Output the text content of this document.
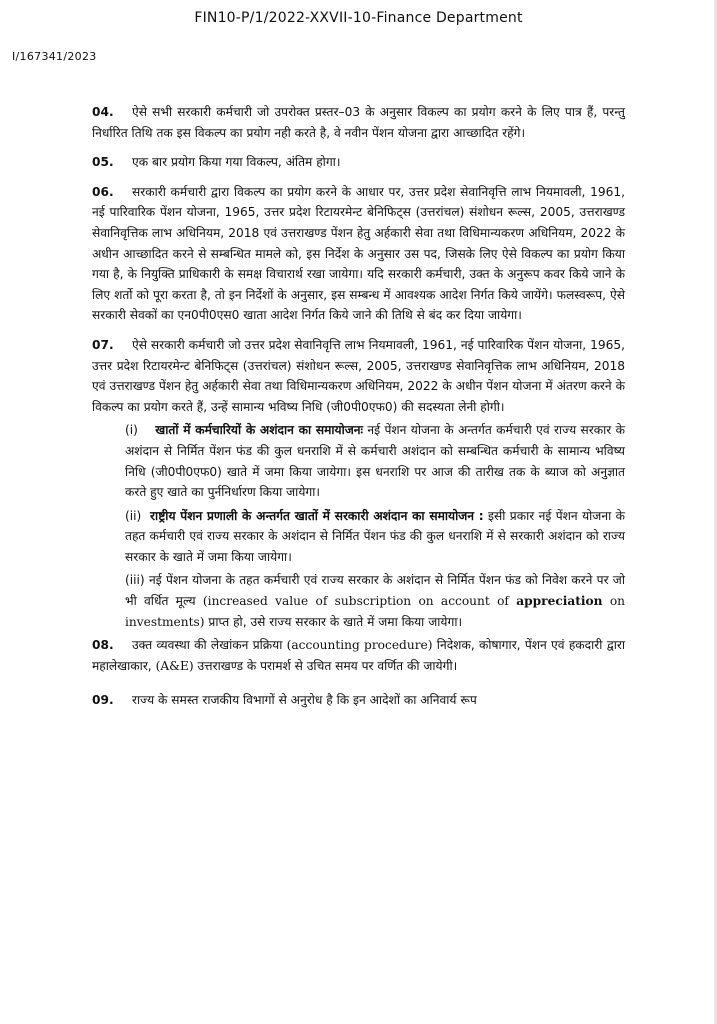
FIN10-P/1/2022-XXVII-10-Finance Department
I/167341/2023

04. ऐसे सभी सरकारी कर्मचारी जो उपरोक्त प्रस्तर–03 के अनुसार विकल्प का प्रयोग करने के लिए पात्र हैं, परन्तु निर्धारित तिथि तक इस विकल्प का प्रयोग नही करते है, वे नवीन पेंशन योजना द्वारा आच्छादित रहेंगे।

05. एक बार प्रयोग किया गया विकल्प, अंतिम होगा।

06. सरकारी कर्मचारी द्वारा विकल्प का प्रयोग करने के आधार पर, उत्तर प्रदेश सेवानिवृत्ति लाभ नियमावली, 1961, नई पारिवारिक पेंशन योजना, 1965, उत्तर प्रदेश रिटायरमेन्ट बेनिफिट्स (उत्तरांचल) संशोधन रूल्स, 2005, उत्तराखण्ड सेवानिवृत्तिक लाभ अधिनियम, 2018 एवं उत्तराखण्ड पेंशन हेतु अर्हकारी सेवा तथा विधिमान्यकरण अधिनियम, 2022 के अधीन आच्छादित करने से सम्बन्धित मामले को, इस निर्देश के अनुसार उस पद, जिसके लिए ऐसे विकल्प का प्रयोग किया गया है, के नियुक्ति प्राधिकारी के समक्ष विचारार्थ रखा जायेगा। यदि सरकारी कर्मचारी, उक्त के अनुरूप कवर किये जाने के लिए शर्तो को पूरा करता है, तो इन निर्देशों के अनुसार, इस सम्बन्ध में आवश्यक आदेश निर्गत किये जायेंगे। फलस्वरूप, ऐसे सरकारी सेवकों का एन0पी0एस0 खाता आदेश निर्गत किये जाने की तिथि से बंद कर दिया जायेगा।

07. ऐसे सरकारी कर्मचारी जो उत्तर प्रदेश सेवानिवृत्ति लाभ नियमावली, 1961, नई पारिवारिक पेंशन योजना, 1965, उत्तर प्रदेश रिटायरमेन्ट बेनिफिट्स (उत्तरांचल) संशोधन रूल्स, 2005, उत्तराखण्ड सेवानिवृत्तिक लाभ अधिनियम, 2018 एवं उत्तराखण्ड पेंशन हेतु अर्हकारी सेवा तथा विधिमान्यकरण अधिनियम, 2022 के अधीन पेंशन योजना में अंतरण करने के विकल्प का प्रयोग करते हैं, उन्हें सामान्य भविष्य निधि (जी0पी0एफ0) की सदस्यता लेनी होगी।

(i) खातों में कर्मचारियों के अशंदान का समायोजनः नई पेंशन योजना के अन्तर्गत कर्मचारी एवं राज्य सरकार के अशंदान से निर्मित पेंशन फंड की कुल धनराशि में से कर्मचारी अशंदान को सम्बन्धित कर्मचारी के सामान्य भविष्य निधि (जी0पी0एफ0) खाते में जमा किया जायेगा। इस धनराशि पर आज की तारीख तक के ब्याज को अनुज्ञात करते हुए खाते का पुर्ननिर्धारण किया जायेगा।

(ii) राष्ट्रीय पेंशन प्रणाली के अन्तर्गत खातों में सरकारी अशंदान का समायोजन : इसी प्रकार नई पेंशन योजना के तहत कर्मचारी एवं राज्य सरकार के अशंदान से निर्मित पेंशन फंड की कुल धनराशि में से सरकारी अशंदान को राज्य सरकार के खाते में जमा किया जायेगा।

(iii) नई पेंशन योजना के तहत कर्मचारी एवं राज्य सरकार के अशंदान से निर्मित पेंशन फंड को निवेश करने पर जो भी वर्धित मूल्य (increased value of subscription on account of appreciation on investments) प्राप्त हो, उसे राज्य सरकार के खाते में जमा किया जायेगा।

08. उक्त व्यवस्था की लेखांकन प्रक्रिया (accounting procedure) निदेशक, कोषागार, पेंशन एवं हकदारी द्वारा महालेखाकार, (A&E) उत्तराखण्ड के परामर्श से उचित समय पर वर्णित की जायेगी।

09. राज्य के समस्त राजकीय विभागों से अनुरोध है कि इन आदेशों का अनिवार्य रूप
